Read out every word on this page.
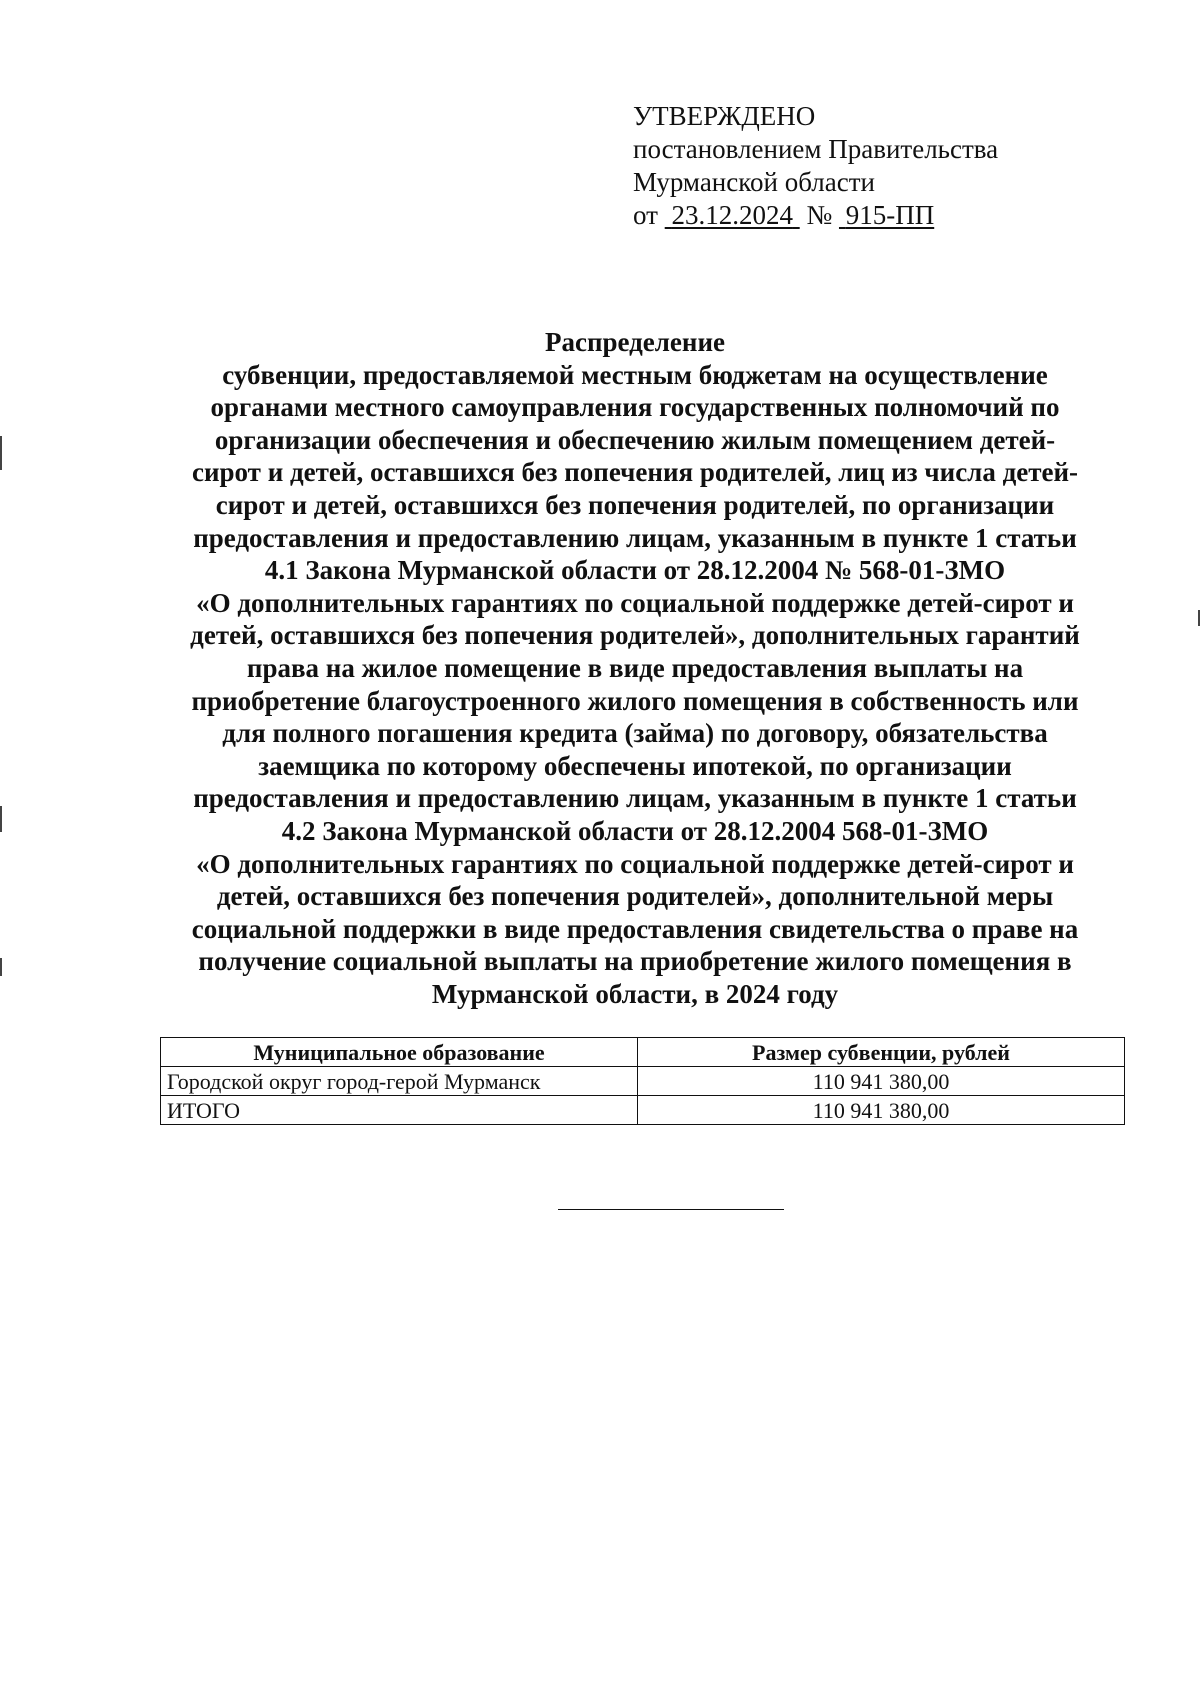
УТВЕРЖДЕНО
постановлением Правительства
Мурманской области
от 23.12.2024 № 915-ПП
Распределение
субвенции, предоставляемой местным бюджетам на осуществление
органами местного самоуправления государственных полномочий по
организации обеспечения и обеспечению жилым помещением детей-
сирот и детей, оставшихся без попечения родителей, лиц из числа детей-
сирот и детей, оставшихся без попечения родителей, по организации
предоставления и предоставлению лицам, указанным в пункте 1 статьи
4.1 Закона Мурманской области от 28.12.2004 № 568-01-ЗМО
«О дополнительных гарантиях по социальной поддержке детей-сирот и
детей, оставшихся без попечения родителей», дополнительных гарантий
права на жилое помещение в виде предоставления выплаты на
приобретение благоустроенного жилого помещения в собственность или
для полного погашения кредита (займа) по договору, обязательства
заемщика по которому обеспечены ипотекой, по организации
предоставления и предоставлению лицам, указанным в пункте 1 статьи
4.2 Закона Мурманской области от 28.12.2004 568-01-ЗМО
«О дополнительных гарантиях по социальной поддержке детей-сирот и
детей, оставшихся без попечения родителей», дополнительной меры
социальной поддержки в виде предоставления свидетельства о праве на
получение социальной выплаты на приобретение жилого помещения в
Мурманской области, в 2024 году
Муниципальное образование	Размер субвенции, рублей
Городской округ город-герой Мурманск	110 941 380,00
ИТОГО	110 941 380,00
